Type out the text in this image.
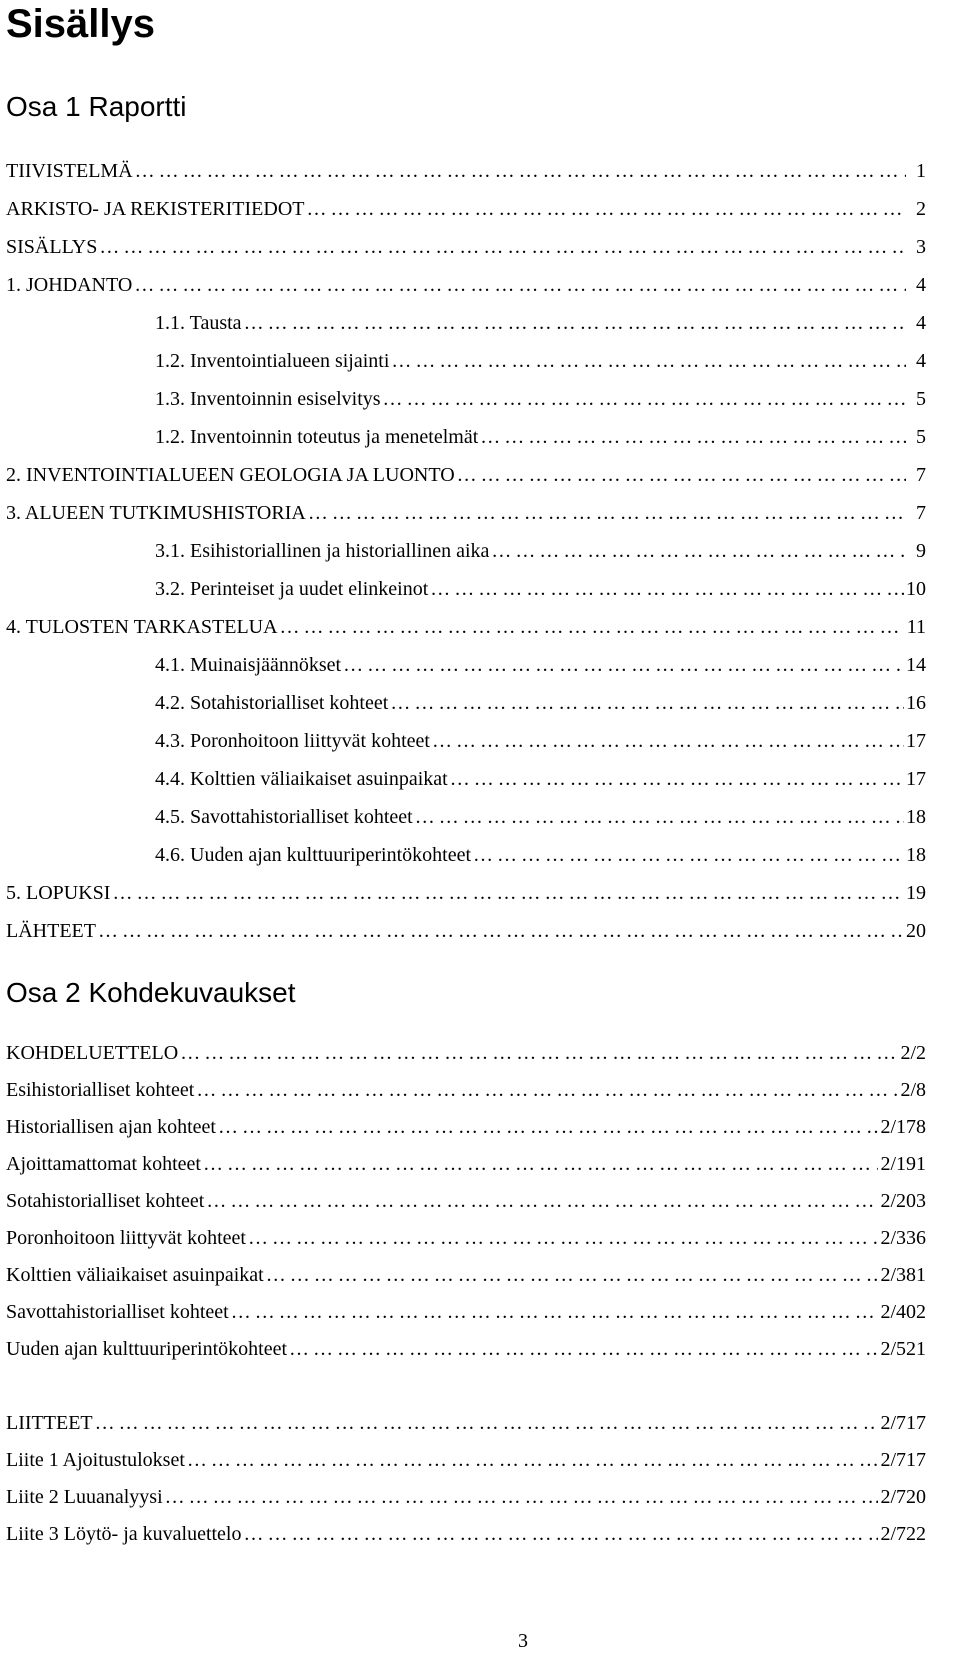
Sisällys
Osa 1 Raportti
TIIVISTELMÄ ……………………………………………………………………………………………………………………………………………………………………………………………………………………………………	1
ARKISTO- JA REKISTERITIEDOT ……………………………………………………………………………………………………………………………………………………………………………………………………………………………………	2
SISÄLLYS ……………………………………………………………………………………………………………………………………………………………………………………………………………………………………	3
1. JOHDANTO ……………………………………………………………………………………………………………………………………………………………………………………………………………………………………	4
1.1. Tausta ……………………………………………………………………………………………………………………………………………………………………………………………………………………………………	4
1.2. Inventointialueen sijainti ……………………………………………………………………………………………………………………………………………………………………………………………………………………………………	4
1.3. Inventoinnin esiselvitys ……………………………………………………………………………………………………………………………………………………………………………………………………………………………………	5
1.2. Inventoinnin toteutus ja menetelmät ……………………………………………………………………………………………………………………………………………………………………………………………………………………………………	5
2. INVENTOINTIALUEEN GEOLOGIA JA LUONTO ……………………………………………………………………………………………………………………………………………………………………………………………………………………………………	7
3. ALUEEN TUTKIMUSHISTORIA ……………………………………………………………………………………………………………………………………………………………………………………………………………………………………	7
3.1. Esihistoriallinen ja historiallinen aika ……………………………………………………………………………………………………………………………………………………………………………………………………………………………………	9
3.2. Perinteiset ja uudet elinkeinot ……………………………………………………………………………………………………………………………………………………………………………………………………………………………………	10
4. TULOSTEN TARKASTELUA ……………………………………………………………………………………………………………………………………………………………………………………………………………………………………	11
4.1. Muinaisjäännökset ……………………………………………………………………………………………………………………………………………………………………………………………………………………………………	14
4.2. Sotahistorialliset kohteet ……………………………………………………………………………………………………………………………………………………………………………………………………………………………………	16
4.3. Poronhoitoon liittyvät kohteet ……………………………………………………………………………………………………………………………………………………………………………………………………………………………………	17
4.4. Kolttien väliaikaiset asuinpaikat ……………………………………………………………………………………………………………………………………………………………………………………………………………………………………	17
4.5. Savottahistorialliset kohteet ……………………………………………………………………………………………………………………………………………………………………………………………………………………………………	18
4.6. Uuden ajan kulttuuriperintökohteet ……………………………………………………………………………………………………………………………………………………………………………………………………………………………………	18
5. LOPUKSI ……………………………………………………………………………………………………………………………………………………………………………………………………………………………………	19
LÄHTEET ……………………………………………………………………………………………………………………………………………………………………………………………………………………………………	20
Osa 2 Kohdekuvaukset
KOHDELUETTELO ……………………………………………………………………………………………………………………………………………………………………………………………………………………………………	2/2
Esihistorialliset kohteet ……………………………………………………………………………………………………………………………………………………………………………………………………………………………………	2/8
Historiallisen ajan kohteet ……………………………………………………………………………………………………………………………………………………………………………………………………………………………………	2/178
Ajoittamattomat kohteet ……………………………………………………………………………………………………………………………………………………………………………………………………………………………………	2/191
Sotahistorialliset kohteet ……………………………………………………………………………………………………………………………………………………………………………………………………………………………………	2/203
Poronhoitoon liittyvät kohteet ……………………………………………………………………………………………………………………………………………………………………………………………………………………………………	2/336
Kolttien väliaikaiset asuinpaikat ……………………………………………………………………………………………………………………………………………………………………………………………………………………………………	2/381
Savottahistorialliset kohteet ……………………………………………………………………………………………………………………………………………………………………………………………………………………………………	2/402
Uuden ajan kulttuuriperintökohteet ……………………………………………………………………………………………………………………………………………………………………………………………………………………………………	2/521
LIITTEET ……………………………………………………………………………………………………………………………………………………………………………………………………………………………………	2/717
Liite 1 Ajoitustulokset ……………………………………………………………………………………………………………………………………………………………………………………………………………………………………	2/717
Liite 2 Luuanalyysi ……………………………………………………………………………………………………………………………………………………………………………………………………………………………………	2/720
Liite 3 Löytö- ja kuvaluettelo ……………………………………………………………………………………………………………………………………………………………………………………………………………………………………	2/722
3
